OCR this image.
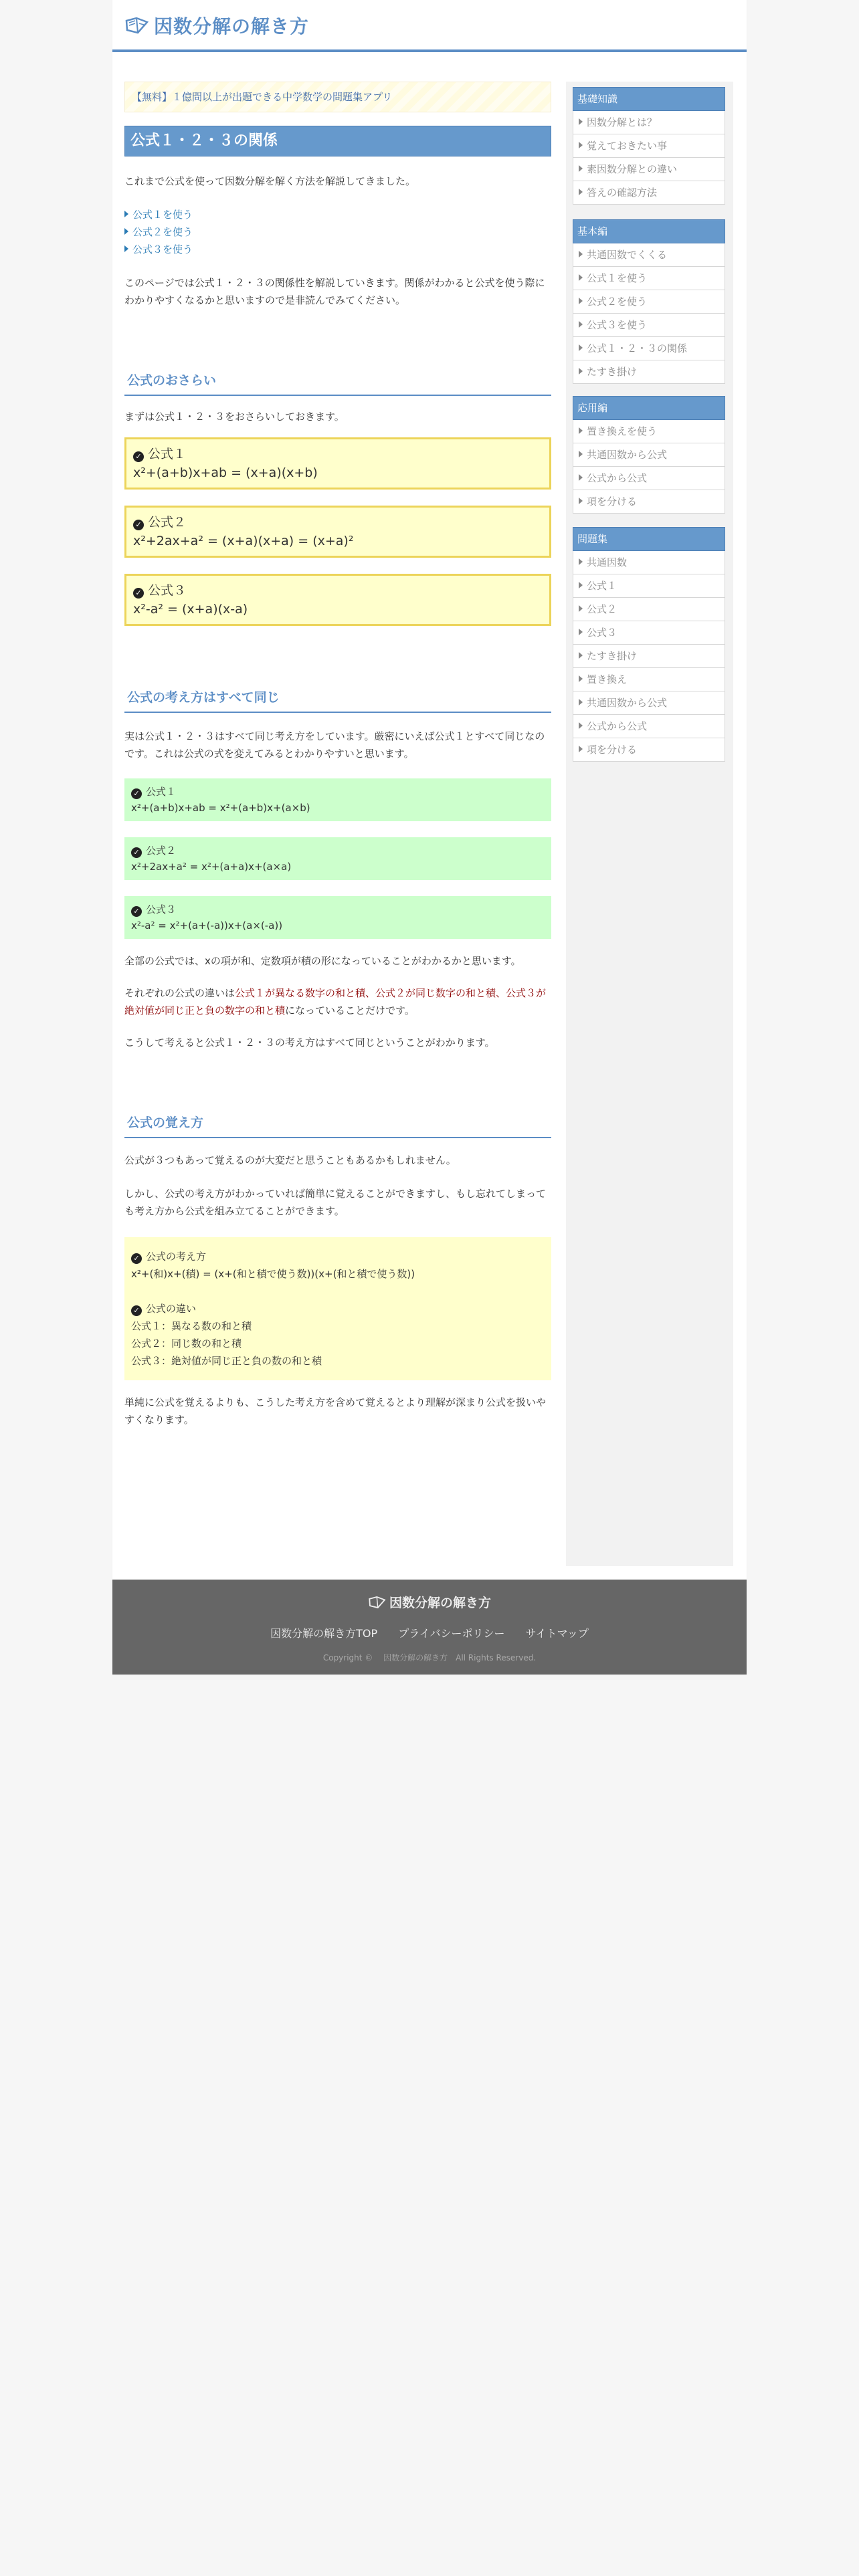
因数分解の解き方
【無料】１億問以上が出題できる中学数学の問題集アプリ
公式１・２・３の関係

これまで公式を使って因数分解を解く方法を解説してきました。

公式１を使う
公式２を使う
公式３を使う

このページでは公式１・２・３の関係性を解説していきます。関係がわかると公式を使う際にわかりやすくなるかと思いますので是非読んでみてください。

公式のおさらい

まずは公式１・２・３をおさらいしておきます。

✓ 公式１
x²+(a+b)x+ab = (x+a)(x+b)
✓ 公式２
x²+2ax+a² = (x+a)(x+a) = (x+a)²
✓ 公式３
x²-a² = (x+a)(x-a)
公式の考え方はすべて同じ

実は公式１・２・３はすべて同じ考え方をしています。厳密にいえば公式１とすべて同じなのです。これは公式の式を変えてみるとわかりやすいと思います。

✓ 公式１
x²+(a+b)x+ab = x²+(a+b)x+(a×b)
✓ 公式２
x²+2ax+a² = x²+(a+a)x+(a×a)
✓ 公式３
x²-a² = x²+(a+(-a))x+(a×(-a))

全部の公式では、xの項が和、定数項が積の形になっていることがわかるかと思います。

それぞれの公式の違いは公式１が異なる数字の和と積、公式２が同じ数字の和と積、公式３が絶対値が同じ正と負の数字の和と積になっていることだけです。

こうして考えると公式１・２・３の考え方はすべて同じということがわかります。

公式の覚え方

公式が３つもあって覚えるのが大変だと思うこともあるかもしれません。

しかし、公式の考え方がわかっていれば簡単に覚えることができますし、もし忘れてしまっても考え方から公式を組み立てることができます。

✓ 公式の考え方
x²+(和)x+(積) = (x+(和と積で使う数))(x+(和と積で使う数))
✓ 公式の違い
公式１：異なる数の和と積
公式２：同じ数の和と積
公式３：絶対値が同じ正と負の数の和と積

単純に公式を覚えるよりも、こうした考え方を含めて覚えるとより理解が深まり公式を扱いやすくなります。

基礎知識
因数分解とは？
覚えておきたい事
素因数分解との違い
答えの確認方法
基本編
共通因数でくくる
公式１を使う
公式２を使う
公式３を使う
公式１・２・３の関係
たすき掛け
応用編
置き換えを使う
共通因数から公式
公式から公式
項を分ける
問題集
共通因数
公式１
公式２
公式３
たすき掛け
置き換え
共通因数から公式
公式から公式
項を分ける
因数分解の解き方
因数分解の解き方TOP プライバシーポリシー サイトマップ
Copyright © 　因数分解の解き方　All Rights Reserved.
